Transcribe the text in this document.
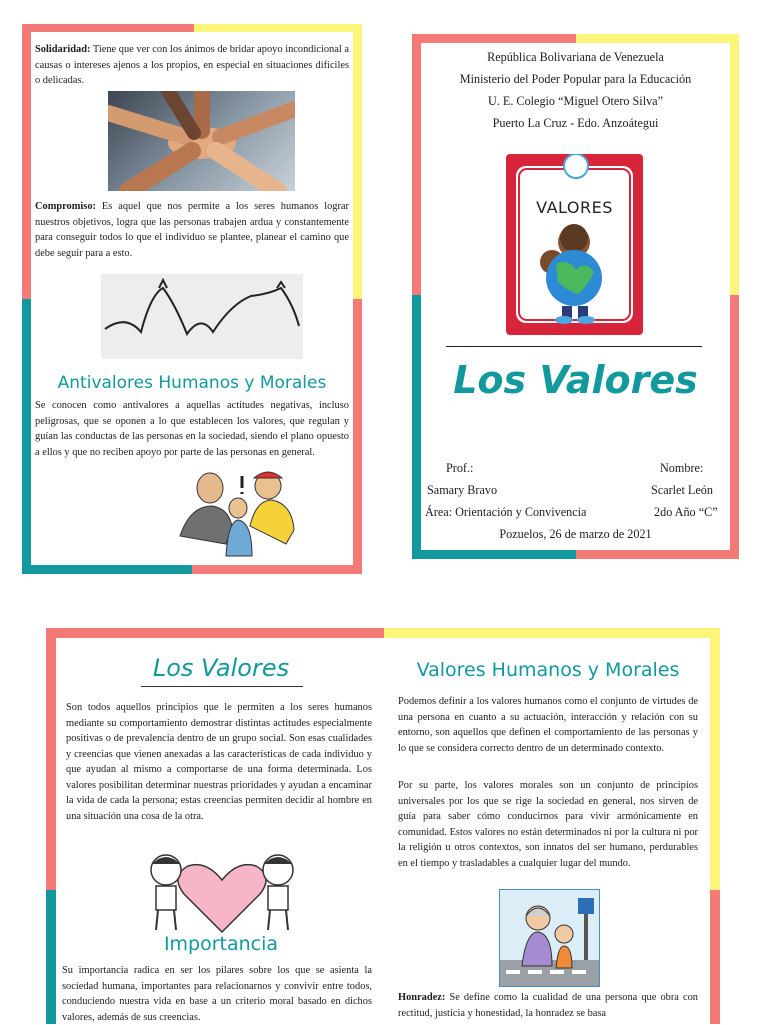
Solidaridad: Tiene que ver con los ánimos de bridar apoyo incondicional a causas o intereses ajenos a los propios, en especial en situaciones difíciles o delicadas.

Compromiso: Es aquel que nos permite a los seres humanos lograr nuestros objetivos, logra que las personas trabajen ardua y constantemente para conseguir todos lo que el individuo se plantee, planear el camino que debe seguir para a esto.

Antivalores Humanos y Morales

Se conocen como antivalores a aquellas actitudes negativas, incluso peligrosas, que se oponen a lo que establecen los valores, que regulan y guían las conductas de las personas en la sociedad, siendo el plano opuesto a ellos y que no reciben apoyo por parte de las personas en general.

República Bolivariana de Venezuela

Ministerio del Poder Popular para la Educación

U. E. Colegio “Miguel Otero Silva”

Puerto La Cruz - Edo. Anzoátegui

VALORES
Los Valores
Prof.:
Samary Bravo
Área: Orientación y Convivencia
Nombre:
Scarlet León
2do Año “C”
Pozuelos, 26 de marzo de 2021
Los Valores

Son todos aquellos principios que le permiten a los seres humanos mediante su comportamiento demostrar distintas actitudes especialmente positivas o de prevalencia dentro de un grupo social. Son esas cualidades y creencias que vienen anexadas a las características de cada individuo y que ayudan al mismo a comportarse de una forma determinada. Los valores posibilitan determinar nuestras prioridades y ayudan a encaminar la vida de cada la persona; estas creencias permiten decidir al hombre en una situación una cosa de la otra.

Importancia

Su importancia radica en ser los pilares sobre los que se asienta la sociedad humana, importantes para relacionarnos y convivir entre todos, conduciendo nuestra vida en base a un criterio moral basado en dichos valores, además de sus creencias.

Valores Humanos y Morales

Podemos definir a los valores humanos como el conjunto de virtudes de una persona en cuanto a su actuación, interacción y relación con su entorno, son aquellos que definen el comportamiento de las personas y lo que se considera correcto dentro de un determinado contexto.

Por su parte, los valores morales son un conjunto de principios universales por los que se rige la sociedad en general, nos sirven de guía para saber cómo conducirnos para vivir armónicamente en comunidad. Estos valores no están determinados ni por la cultura ni por la religión u otros contextos, son innatos del ser humano, perdurables en el tiempo y trasladables a cualquier lugar del mundo.

Honradez: Se define como la cualidad de una persona que obra con rectitud, justicia y honestidad, la honradez se basa
